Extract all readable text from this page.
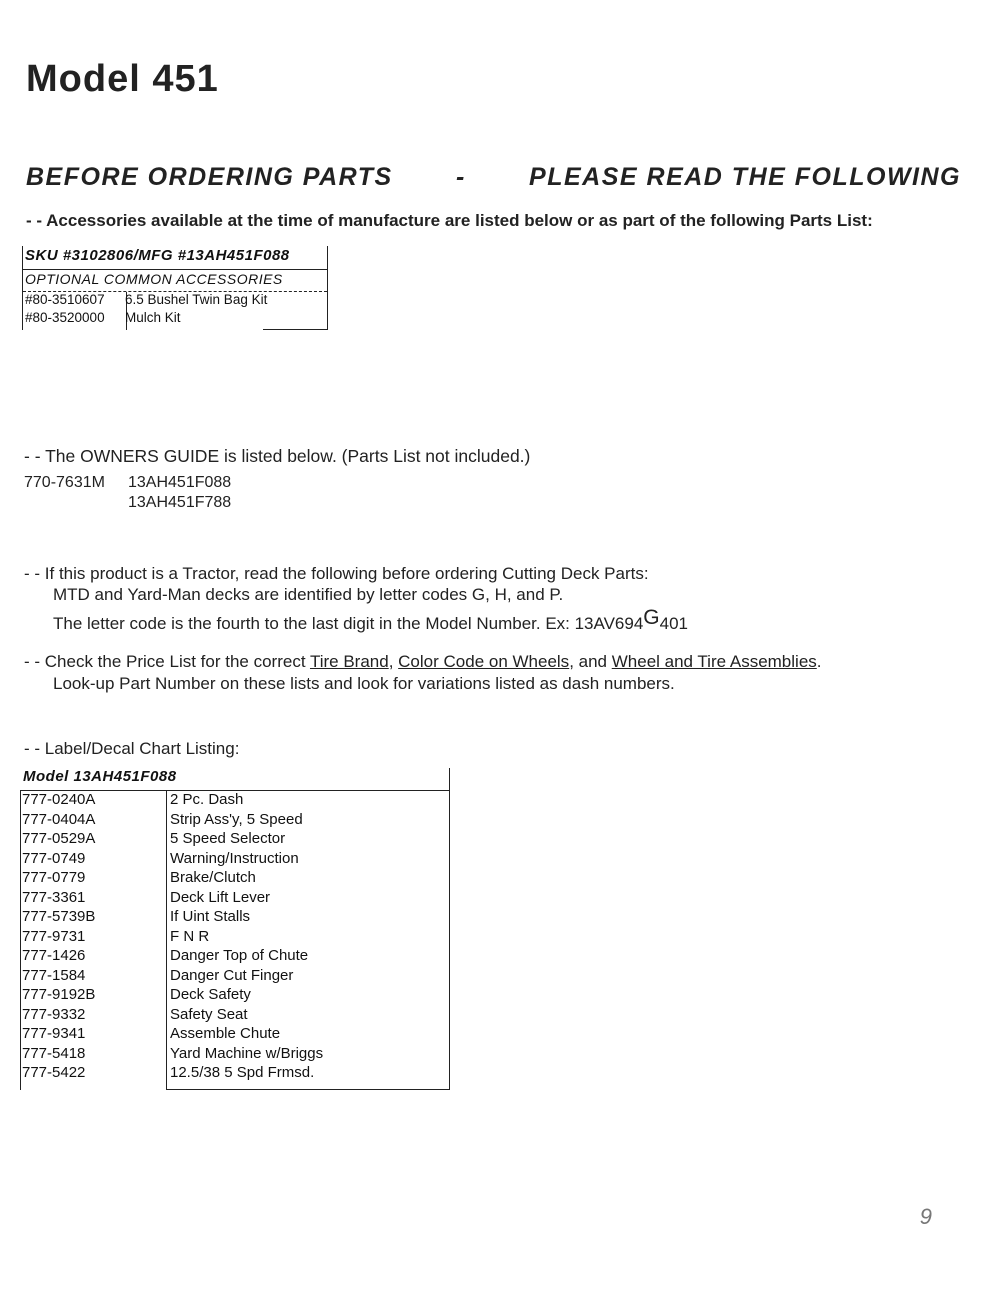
Model 451
BEFORE ORDERING PARTS	-	PLEASE READ THE FOLLOWING
- - Accessories available at the time of manufacture are listed below or as part of the following Parts List:
SKU #3102806/MFG #13AH451F088
OPTIONAL COMMON ACCESSORIES
#80-3510607	6.5 Bushel Twin Bag Kit
#80-3520000	Mulch Kit
- - The OWNERS GUIDE is listed below. (Parts List not included.)
770-7631M 13AH451F088
13AH451F788
- - If this product is a Tractor, read the following before ordering Cutting Deck Parts:
MTD and Yard-Man decks are identified by letter codes G, H, and P.
The letter code is the fourth to the last digit in the Model Number. Ex: 13AV694G401
- - Check the Price List for the correct Tire Brand, Color Code on Wheels, and Wheel and Tire Assemblies.
Look-up Part Number on these lists and look for variations listed as dash numbers.
- - Label/Decal Chart Listing:
Model 13AH451F088
777-0240A	2 Pc. Dash
777-0404A	Strip Ass'y, 5 Speed
777-0529A	5 Speed Selector
777-0749	Warning/Instruction
777-0779	Brake/Clutch
777-3361	Deck Lift Lever
777-5739B	If Uint Stalls
777-9731	F N R
777-1426	Danger Top of Chute
777-1584	Danger Cut Finger
777-9192B	Deck Safety
777-9332	Safety Seat
777-9341	Assemble Chute
777-5418	Yard Machine w/Briggs
777-5422	12.5/38 5 Spd Frmsd.
9
